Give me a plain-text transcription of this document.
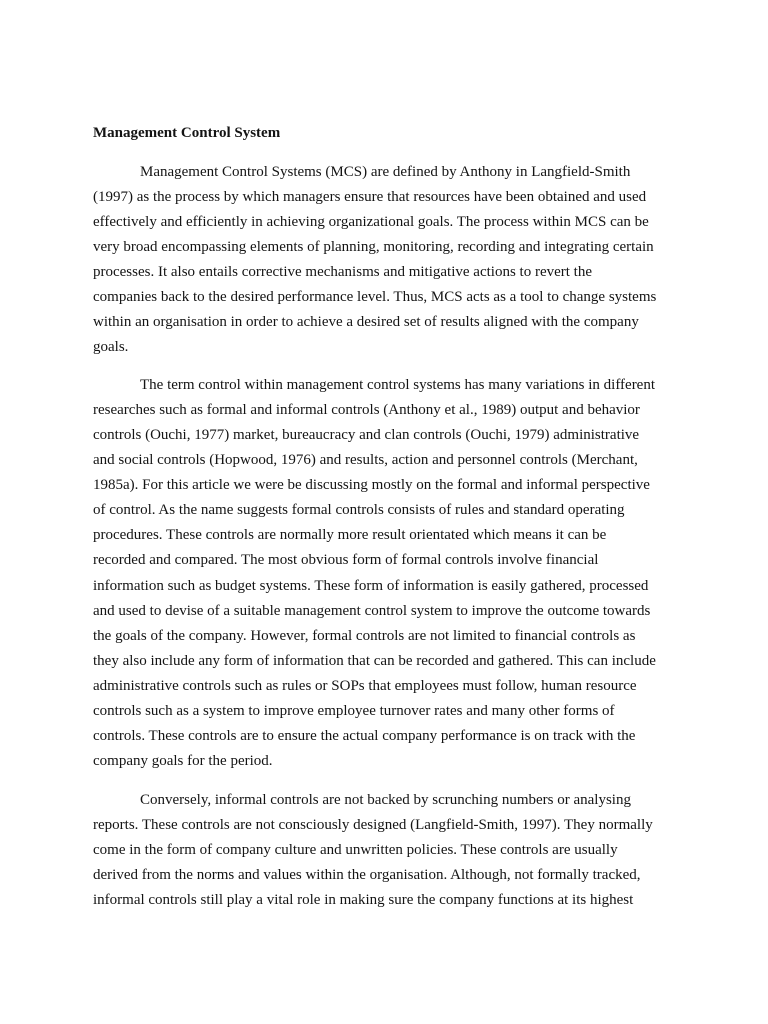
Management Control System
Management Control Systems (MCS) are defined by Anthony in Langfield-Smith
(1997) as the process by which managers ensure that resources have been obtained and used
effectively and efficiently in achieving organizational goals. The process within MCS can be
very broad encompassing elements of planning, monitoring, recording and integrating certain
processes. It also entails corrective mechanisms and mitigative actions to revert the
companies back to the desired performance level. Thus, MCS acts as a tool to change systems
within an organisation in order to achieve a desired set of results aligned with the company
goals.
The term control within management control systems has many variations in different
researches such as formal and informal controls (Anthony et al., 1989) output and behavior
controls (Ouchi, 1977) market, bureaucracy and clan controls (Ouchi, 1979) administrative
and social controls (Hopwood, 1976) and results, action and personnel controls (Merchant,
1985a). For this article we were be discussing mostly on the formal and informal perspective
of control. As the name suggests formal controls consists of rules and standard operating
procedures. These controls are normally more result orientated which means it can be
recorded and compared. The most obvious form of formal controls involve financial
information such as budget systems. These form of information is easily gathered, processed
and used to devise of a suitable management control system to improve the outcome towards
the goals of the company. However, formal controls are not limited to financial controls as
they also include any form of information that can be recorded and gathered. This can include
administrative controls such as rules or SOPs that employees must follow, human resource
controls such as a system to improve employee turnover rates and many other forms of
controls. These controls are to ensure the actual company performance is on track with the
company goals for the period.
Conversely, informal controls are not backed by scrunching numbers or analysing
reports. These controls are not consciously designed (Langfield-Smith, 1997). They normally
come in the form of company culture and unwritten policies. These controls are usually
derived from the norms and values within the organisation. Although, not formally tracked,
informal controls still play a vital role in making sure the company functions at its highest
